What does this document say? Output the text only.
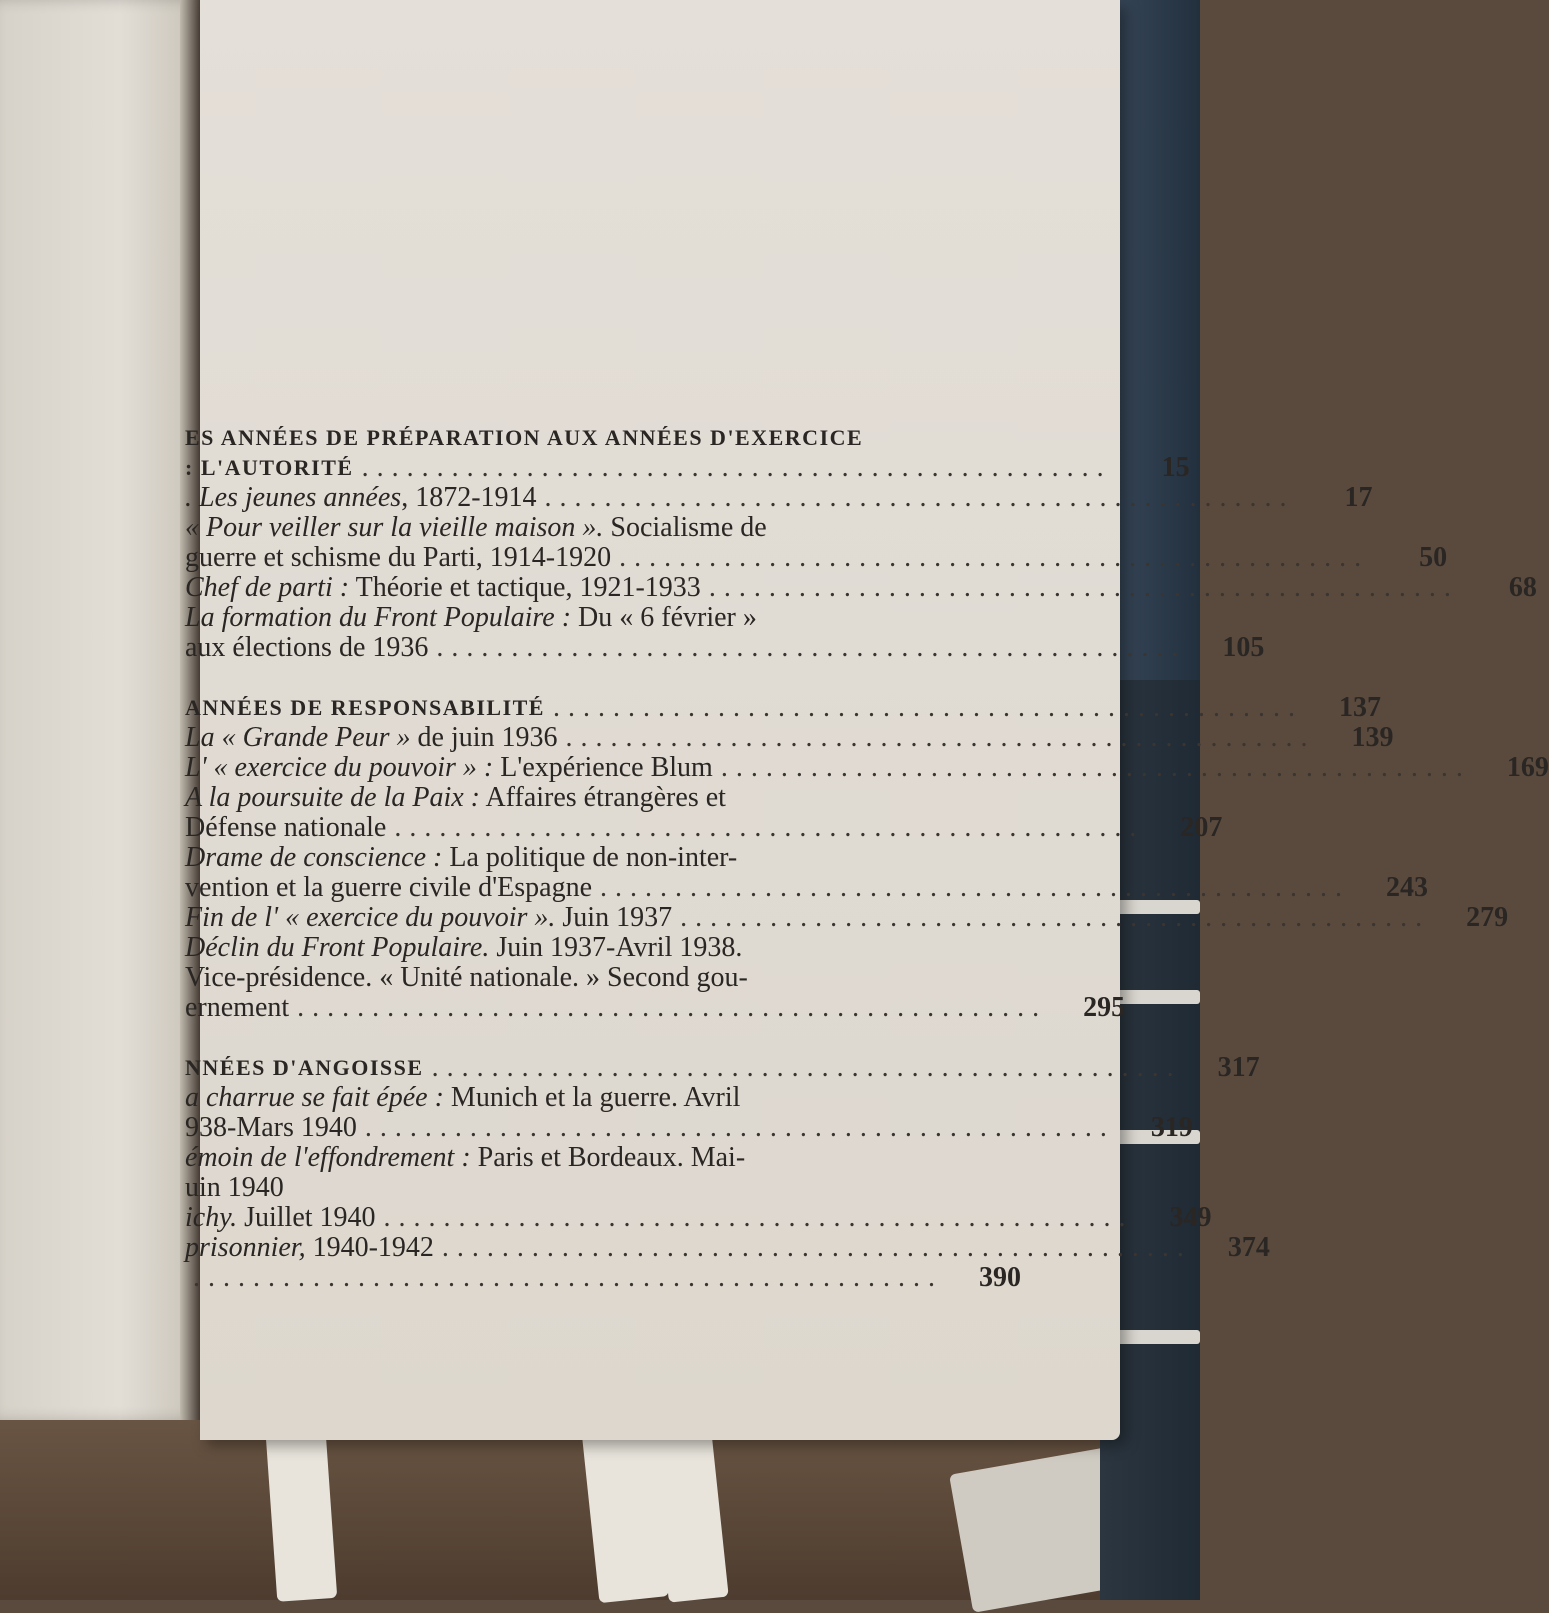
ES ANNÉES DE PRÉPARATION AUX ANNÉES D'EXERCICE
: L'AUTORITÉ ..................................................	15
. Les jeunes années, 1872-1914 ..................................................	17
« Pour veiller sur la vieille maison ». Socialisme de
guerre et schisme du Parti, 1914-1920 ..................................................	50
Chef de parti : Théorie et tactique, 1921-1933 ..................................................	68
La formation du Front Populaire : Du « 6 février »
aux élections de 1936 ..................................................	105
ANNÉES DE RESPONSABILITÉ ..................................................	137
La « Grande Peur » de juin 1936 ..................................................	139
L' « exercice du pouvoir » : L'expérience Blum ..................................................	169
A la poursuite de la Paix : Affaires étrangères et
Défense nationale ..................................................	207
Drame de conscience : La politique de non-inter-
vention et la guerre civile d'Espagne ..................................................	243
Fin de l' « exercice du pouvoir ». Juin 1937 ..................................................	279
Déclin du Front Populaire. Juin 1937-Avril 1938.
Vice-présidence. « Unité nationale. » Second gou-
ernement ..................................................	295
NNÉES D'ANGOISSE ..................................................	317
a charrue se fait épée : Munich et la guerre. Avril
938-Mars 1940 ..................................................	319
émoin de l'effondrement : Paris et Bordeaux. Mai-
uin 1940
ichy. Juillet 1940 ..................................................	349
prisonnier, 1940-1942 ..................................................	374
..................................................	390
